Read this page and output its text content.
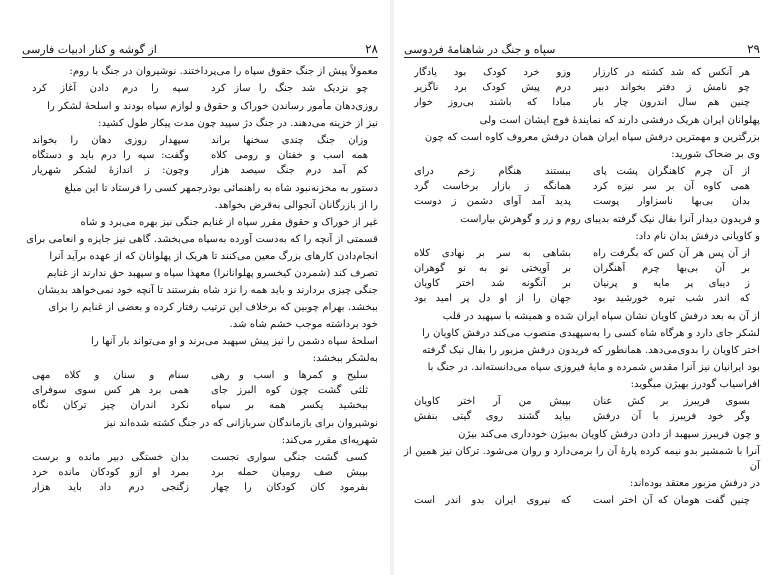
۲۸
از گوشه و کنار ادبیات فارسی
معمولاً پیش از جنگ حقوق سپاه را می‌پرداختند. نوشیروان در جنگ با روم:
چو نزدیک شد جنگ را ساز کرد
سپه را درم دادن آغاز کرد
روزی‌دهان مأمور رساندن خوراک و حقوق و لوازم سپاه بودند و اسلحهٔ لشکر را
نیز از خزینه می‌دهند. در جنگ دژ سپید چون مدت پیکار طول کشید:
وزان جنگ چندی سخنها براند
سپهدار روزی دهان را بخواند
همه اسب و خفتان و رومی کلاه
وگفت: سپه را درم باید و دستگاه
کم آمد درم جنگ سیصد هزار
وچون: ز اندازهٔ لشکر شهریار
دستور به مخزنه‌نبود شاه به راهنمائی بوذرجمهر کسی را فرستاد تا این مبلغ
را از بازرگانان آنجوالی به‌قرض بخواهد.
غیر از خوراک و حقوق مقرر سپاه از غنایم جنگی نیز بهره می‌برد و شاه
قسمتی از آنچه را که به‌دست آورده به‌سپاه می‌بخشد. گاهی نیز جایزه و انعامی برای
انجام‌دادن کارهای بزرگ معین می‌کنند تا هریک از پهلوانان که از عهده برآید آنرا
تصرف کند (شمردن کیخسرو پهلوانانرا) معهذا سپاه و سپهبد حق ندارند از غنایم
جنگی چیزی بردارند و باید همه را نزد شاه بفرستند تا آنچه خود نمی‌خواهد بدیشان
ببخشد. بهرام چوبین که برخلاف این ترتیب رفتار کرده و بعضی از غنایم را برای
خود برداشته موجب خشم شاه شد.
اسلحهٔ سپاه دشمن را نیز پیش سپهبد می‌برند و او می‌تواند بار آنها را
به‌لشکر ببخشد:
سلیح و کمرها و اسب و رهی
سنام و سنان و کلاه مهی
ثلثی گشت چون کوه البرز جای
همی برد هر کس سوی سوفرای
ببخشید یکسر همه بر سپاه
نکرد اندران چیز ترکان نگاه
نوشیروان برای بازماندگان سربازانی که در جنگ کشته شده‌اند نیز
شهریه‌ای مقرر می‌کند:
کسی گشت جنگی سواری نجست
بدان خستگی دبیر مانده و برست
بپیش صف رومیان حمله برد
بمرد او ازو کودکان مانده خرد
بفرمود کان کودکان را چهار
زگنجی درم داد باید هزار
۲۹
سپاه و جنگ در شاهنامهٔ فردوسی
هر آنکس که شد کشته در کارزار
وزو خرد کودک بود یادگار
چو نامش ز دفتر بخواند دبیر
درم پیش کودک برد ناگزیر
چنین هم سال اندرون چار بار
مبادا که باشند بی‌روز خوار
پهلوانان ایران هریک درفشی دارند که نمایندهٔ فوج ایشان است ولی
بزرگترین و مهمترین درفش سپاه ایران همان درفش معروف کاوه است که چون
وی بر ضحاک شورید:
از آن چرم کاهنگران پشت پای
ببستند هنگام زخم درای
همی کاوه آن بر سر نیزه کرد
همانگه ز بازار برخاست گرد
بدان بی‌بها ناسزاوار پوست
پدید آمد آوای دشمن ز دوست
و فریدون دیدار آنرا بفال نیک گرفته بدیبای روم و زر و گوهرش بیاراست
و کاویانی درفش بدان نام داد:
از آن پس هر آن کس که بگرفت راه
بشاهی به سر بر نهادی کلاه
بر آن بی‌بها چرم آهنگران
بر آویختی نو به نو گوهران
ز دیبای پر مایه و پرنیان
بر آنگونه شد اختر کاویان
که اندر شب تیره خورشید بود
جهان را از او دل پر امید بود
از آن به بعد درفش کاویان نشان سپاه ایران شده و همیشه با سپهبد در قلب
لشکر جای دارد و هرگاه شاه کسی را به‌سپهبدی منصوب می‌کند درفش کاویان را
اختر کاویان را بدوی‌می‌دهد. همانطور که فریدون درفش مزبور را بفال نیک گرفته
بود ایرانیان نیز آنرا مقدس شمرده و مایهٔ فیروزی سپاه می‌دانسته‌اند. در جنگ با
افراسیاب گودرز بهیژن میگوید:
بسوی فریبرز بر کش عنان
بپیش من آر اختر کاویان
وگر خود فریبرز با آن درفش
بیاید گشند روی گیتی بنفش
و چون فریبرز سپهبد از دادن درفش کاویان به‌بیژن خودداری می‌کند بیژن
آنرا با شمشیر بدو نیمه کرده پارهٔ آن را برمی‌دارد و روان می‌شود. ترکان نیز همین از آن
در درفش مزبور معتقد بوده‌اند:
چنین گفت هومان که آن اختر است
که نیروی ایران بدو اندر است
